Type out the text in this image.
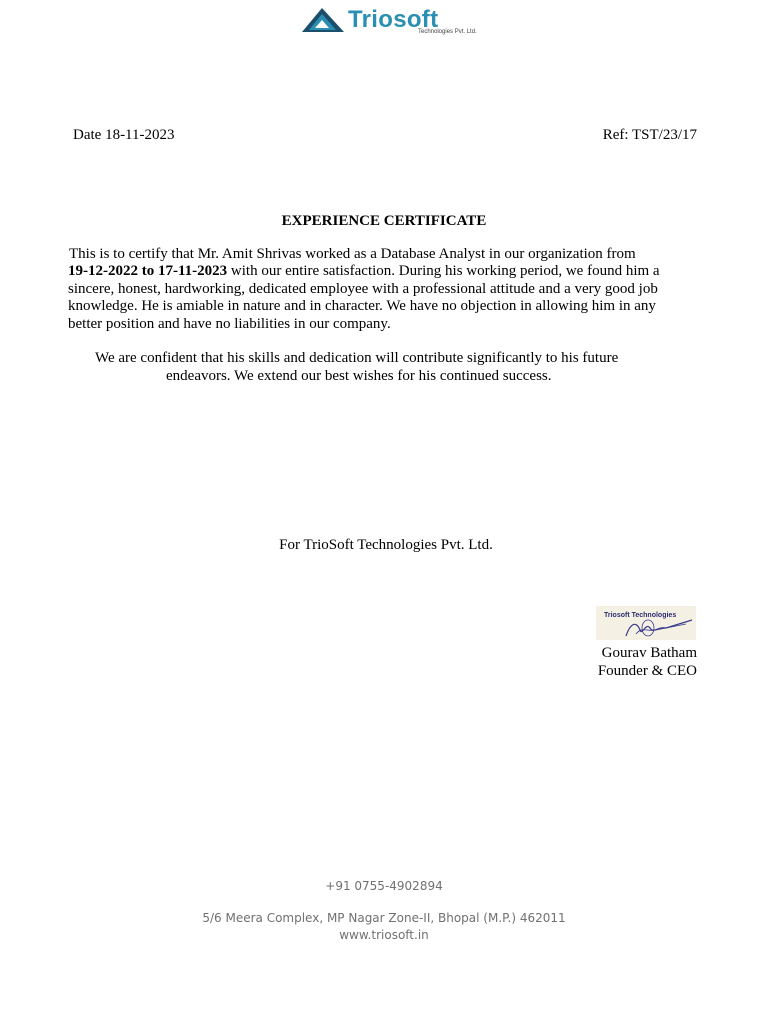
Triosoft
Technologies Pvt. Ltd.
Date 18-11-2023	Ref: TST/23/17
EXPERIENCE CERTIFICATE
This is to certify that Mr. Amit Shrivas worked as a Database Analyst in our organization from
19-12-2022 to 17-11-2023 with our entire satisfaction. During his working period, we found him a
sincere, honest, hardworking, dedicated employee with a professional attitude and a very good job
knowledge. He is amiable in nature and in character. We have no objection in allowing him in any
better position and have no liabilities in our company.
We are confident that his skills and dedication will contribute significantly to his future
endeavors. We extend our best wishes for his continued success.
For TrioSoft Technologies Pvt. Ltd.
Triosoft Technologies
Gourav Batham
Founder & CEO
+91 0755-4902894
5/6 Meera Complex, MP Nagar Zone-II, Bhopal (M.P.) 462011
www.triosoft.in
